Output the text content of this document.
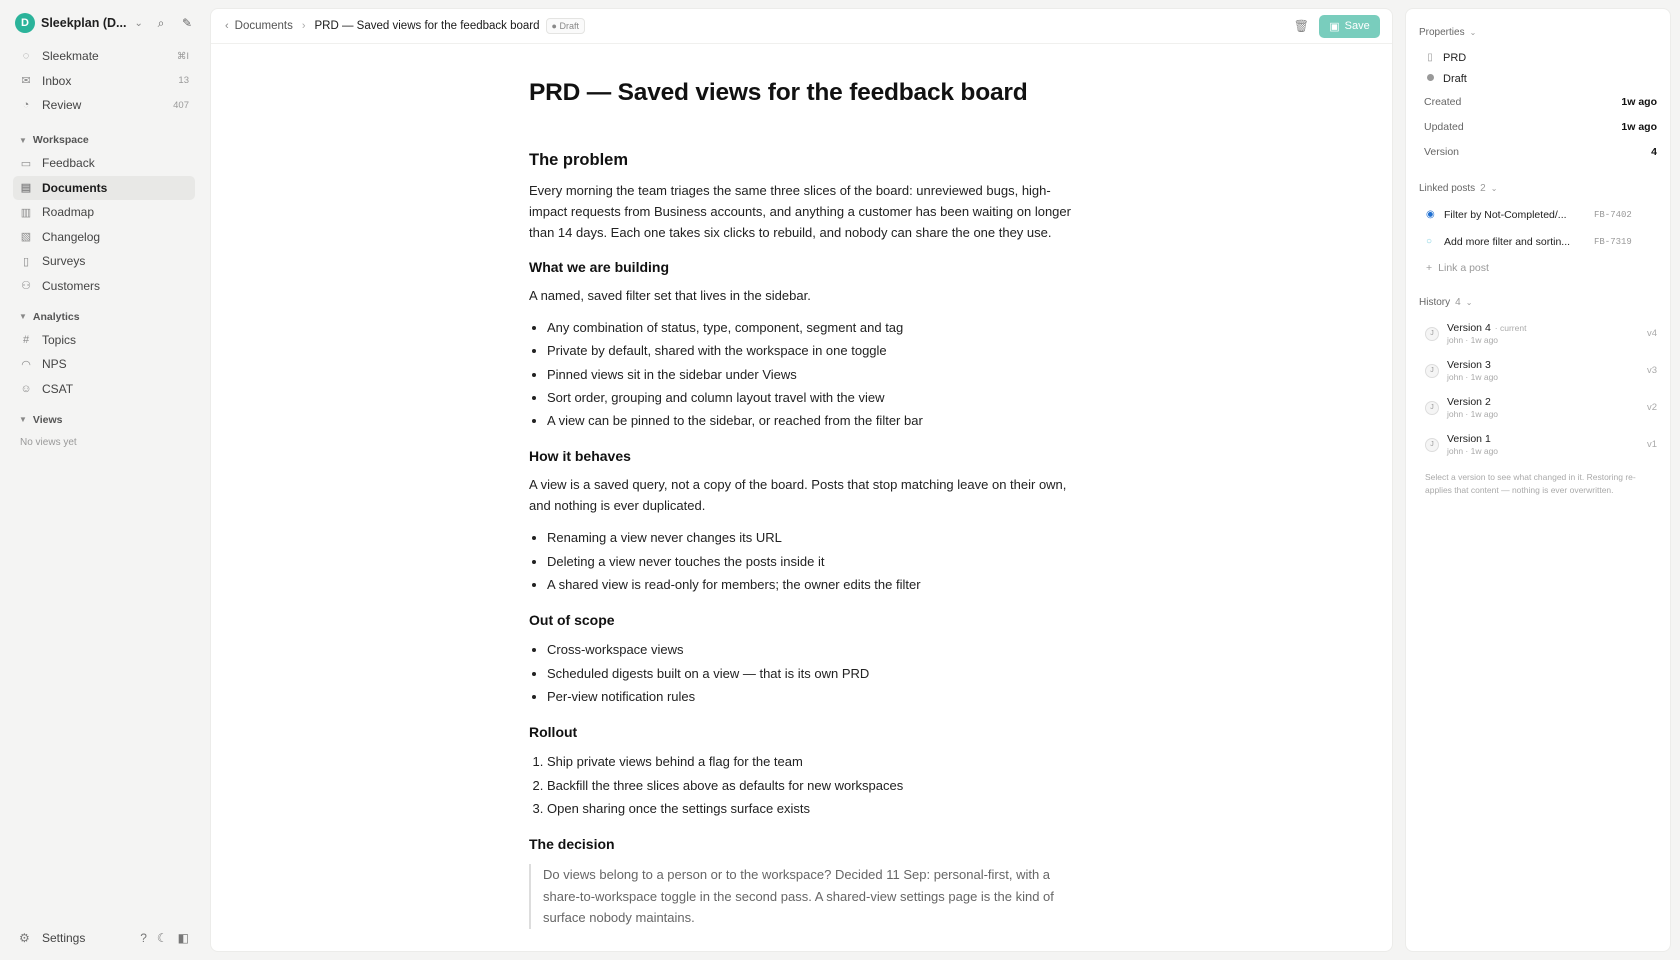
D Sleekplan (D... ⌄	⌕	✎
◌	Sleekmate	⌘I
✉ Inbox	13
◔	Review	407
▼ Workspace
▭ Feedback
▤ Documents
▥ Roadmap
▧ Changelog
▯	Surveys
⚇ Customers
▼ Analytics
#	Topics
◠ NPS
☺ CSAT
▼ Views
No views yet
⚙ Settings	? ☾ ◧
‹ Documents › PRD — Saved views for the feedback board	● Draft	🗑 ▣ Save
PRD — Saved views for the feedback board
The problem

Every morning the team triages the same three slices of the board: unreviewed bugs, high-impact requests from Business accounts, and anything a customer has been waiting on longer than 14 days. Each one takes six clicks to rebuild, and nobody can share the one they use.

What we are building

A named, saved filter set that lives in the sidebar.

• Any combination of status, type, component, segment and tag
• Private by default, shared with the workspace in one toggle
• Pinned views sit in the sidebar under Views
• Sort order, grouping and column layout travel with the view
• A view can be pinned to the sidebar, or reached from the filter bar
How it behaves

A view is a saved query, not a copy of the board. Posts that stop matching leave on their own, and nothing is ever duplicated.

• Renaming a view never changes its URL
• Deleting a view never touches the posts inside it
• A shared view is read-only for members; the owner edits the filter
Out of scope
• Cross-workspace views
• Scheduled digests built on a view — that is its own PRD
• Per-view notification rules
Rollout
1. Ship private views behind a flag for the team
2. Backfill the three slices above as defaults for new workspaces
3. Open sharing once the settings surface exists
The decision
Do views belong to a person or to the workspace? Decided 11 Sep: personal-first, with a share-to-workspace toggle in the second pass. A shared-view settings page is the kind of surface nobody maintains.
Properties ⌄
▯ PRD
Draft
Created	1w ago
Updated	1w ago
Version	4
Linked posts 2 ⌄
◉ Filter by Not-Completed/...	FB-7402
○	Add more filter and sortin...	FB-7319
+ Link a post
History 4 ⌄
J	Version 4 · current
john · 1w ago
v4
J	Version 3
john · 1w ago
v3
J	Version 2
john · 1w ago
v2
J	Version 1
john · 1w ago
v1
Select a version to see what changed in it. Restoring re-applies that content — nothing is ever overwritten.
